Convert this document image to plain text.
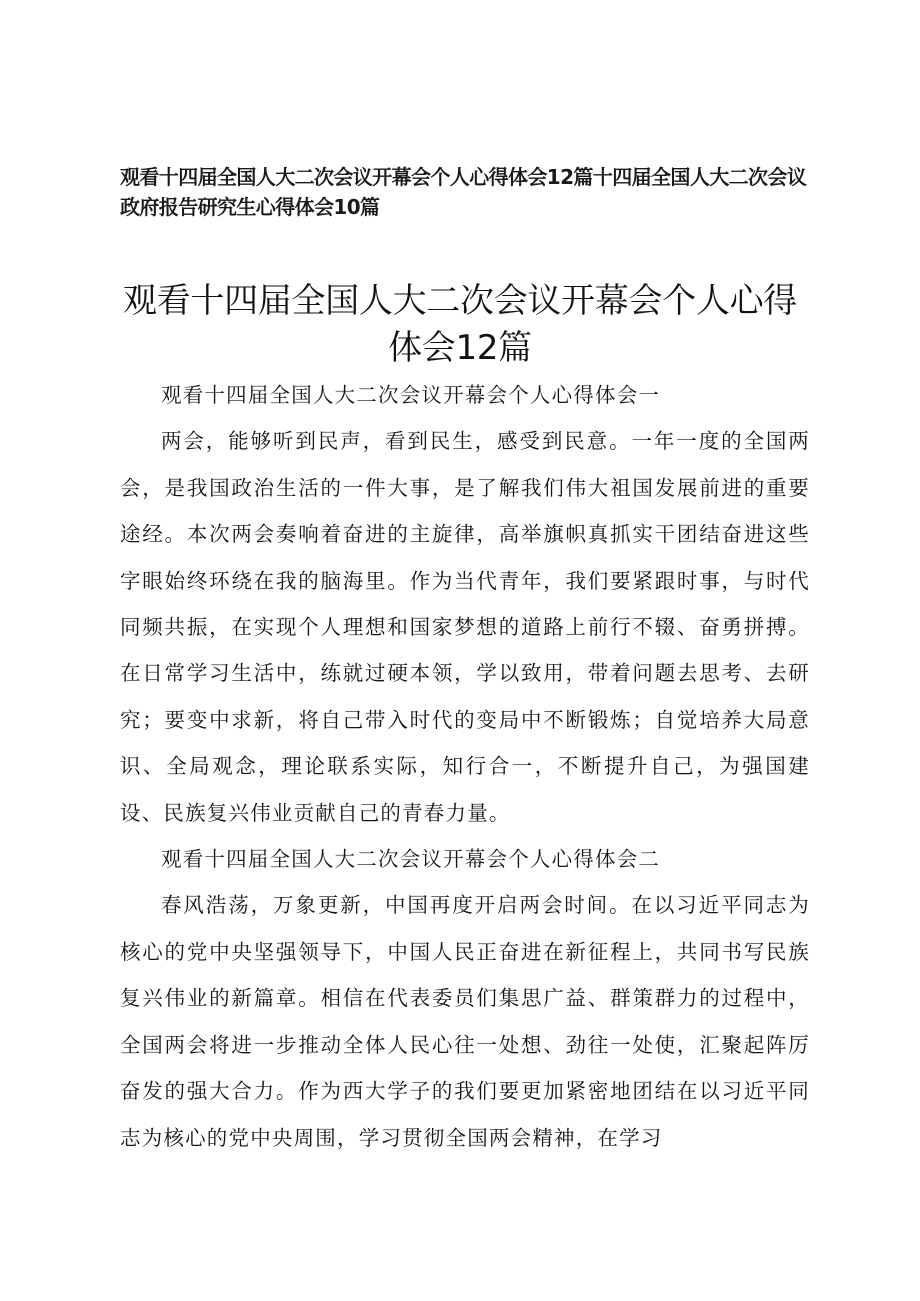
观看十四届全国人大二次会议开幕会个人心得体会12篇十四届全国人大二次会议政府报告研究生心得体会10篇

观看十四届全国人大二次会议开幕会个人心得体会12篇

观看十四届全国人大二次会议开幕会个人心得体会一

两会，能够听到民声，看到民生，感受到民意。一年一度的全国两会，是我国政治生活的一件大事，是了解我们伟大祖国发展前进的重要途经。本次两会奏响着奋进的主旋律，高举旗帜真抓实干团结奋进这些字眼始终环绕在我的脑海里。作为当代青年，我们要紧跟时事，与时代同频共振，在实现个人理想和国家梦想的道路上前行不辍、奋勇拼搏。在日常学习生活中，练就过硬本领，学以致用，带着问题去思考、去研究；要变中求新，将自己带入时代的变局中不断锻炼；自觉培养大局意识、全局观念，理论联系实际，知行合一，不断提升自己，为强国建设、民族复兴伟业贡献自己的青春力量。

观看十四届全国人大二次会议开幕会个人心得体会二

春风浩荡，万象更新，中国再度开启两会时间。在以习近平同志为核心的党中央坚强领导下，中国人民正奋进在新征程上，共同书写民族复兴伟业的新篇章。相信在代表委员们集思广益、群策群力的过程中，全国两会将进一步推动全体人民心往一处想、劲往一处使，汇聚起阵厉奋发的强大合力。作为西大学子的我们要更加紧密地团结在以习近平同志为核心的党中央周围，学习贯彻全国两会精神，在学习
